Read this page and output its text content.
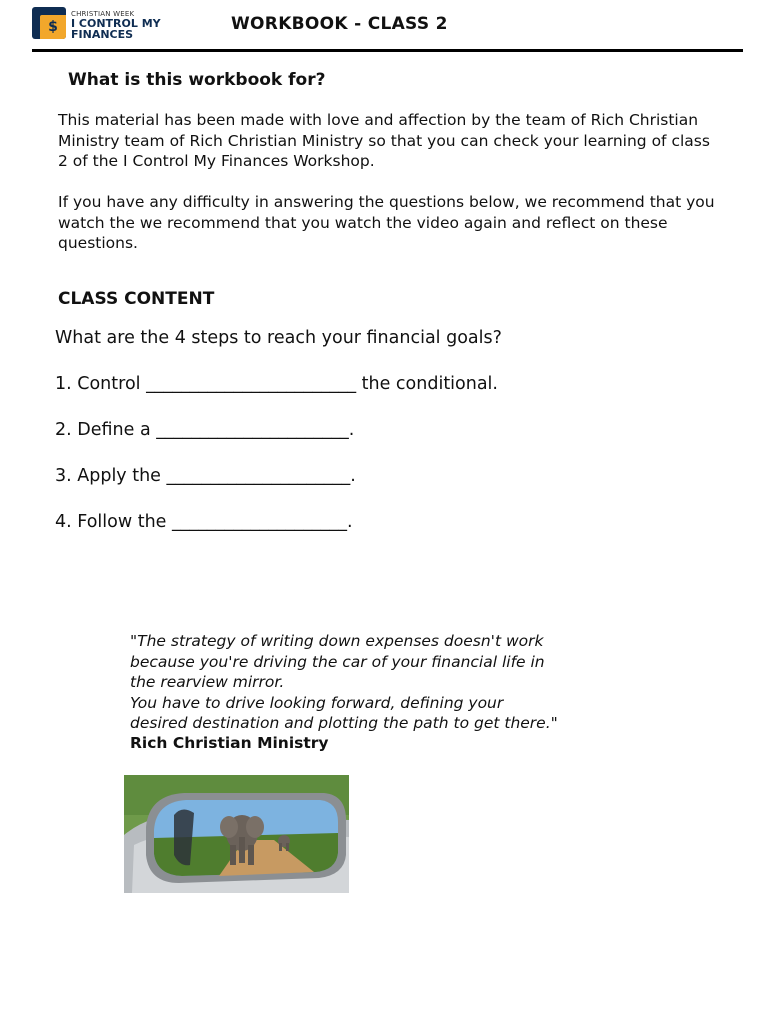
$
CHRISTIAN WEEK
I CONTROL MY
FINANCES
WORKBOOK - CLASS 2
What is this workbook for?

This material has been made with love and affection by the team of Rich Christian Ministry team of Rich Christian Ministry so that you can check your learning of class 2 of the I Control My Finances Workshop.

If you have any difficulty in answering the questions below, we recommend that you watch the we recommend that you watch the video again and reflect on these questions.

CLASS CONTENT
What are the 4 steps to reach your financial goals?
1. Control ________________________ the conditional.
2. Define a ______________________.
3. Apply the _____________________.
4. Follow the ____________________.
"The strategy of writing down expenses doesn't work
because you're driving the car of your financial life in
the rearview mirror.
You have to drive looking forward, defining your
desired destination and plotting the path to get there."
Rich Christian Ministry
